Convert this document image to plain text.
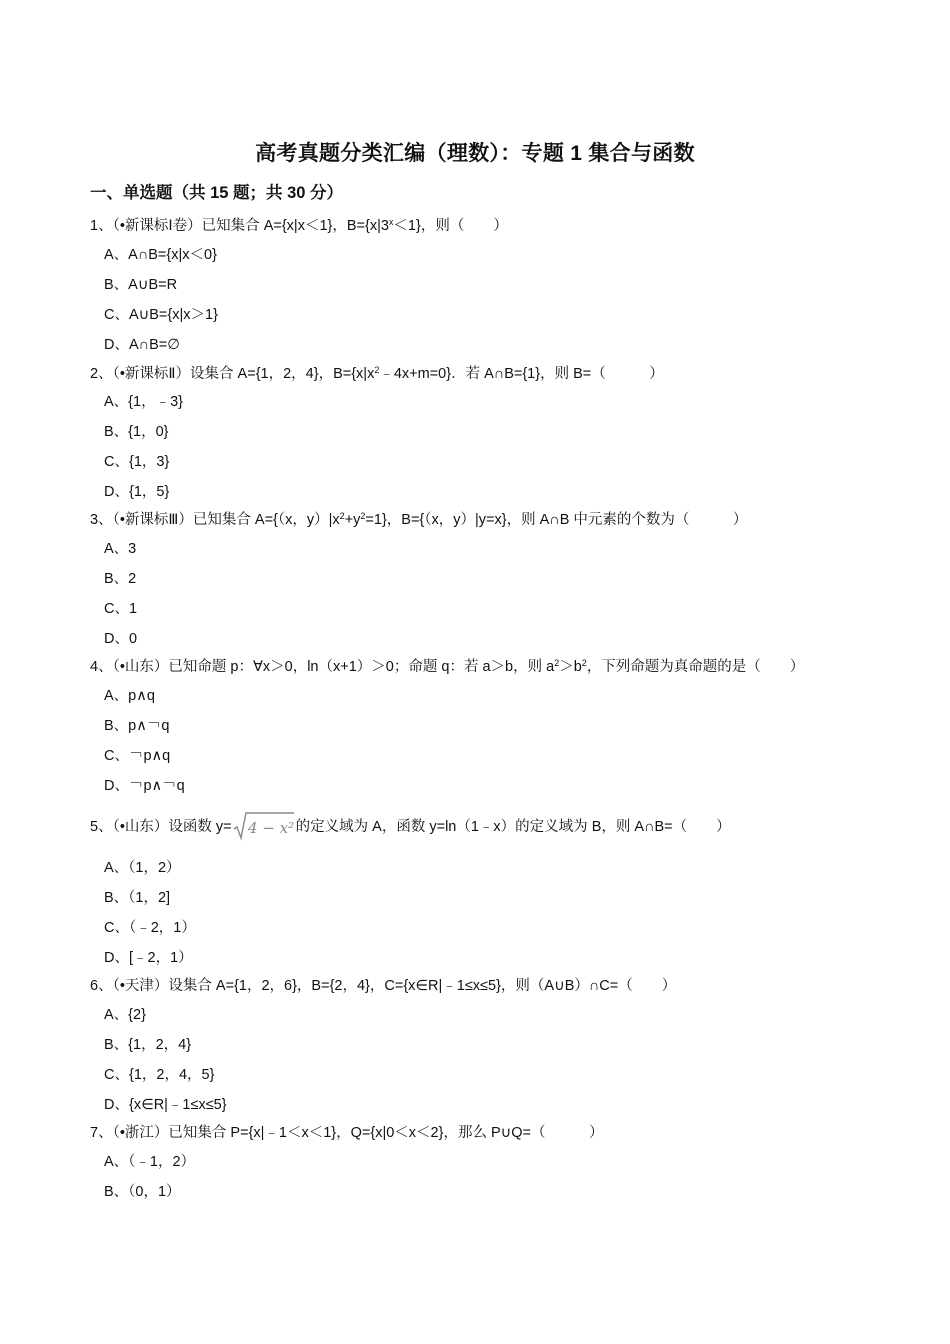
高考真题分类汇编（理数）：专题 1 集合与函数
一、单选题（共 15 题；共 30 分）
1、（•新课标Ⅰ卷）已知集合 A={x|x＜1}，$B=\{x|3^x<1\}$，则（　　）
A、A∩B={x|x＜0}
B、A∪B=R
C、A∪B={x|x＞1}
D、A∩B=∅
2、（•新课标Ⅱ）设集合 A={1，2，4}，$B=\{x|x^2﹣4x+m=0\}$．若 A∩B={1}，则 B=（　　　）
A、{1，﹣3}
B、{1，0}
C、{1，3}
D、{1，5}
3、（•新课标Ⅲ）已知集合 A={（x，$y)|x^2+y^2=1$}，B={（x，y）|y=x}，则 A∩B 中元素的个数为（　　　）
A、3
B、2
C、1
D、0
4、（•山东）已知命题 p：∀x＞0，ln（x+1）＞0；命题 q：若 a＞b，则 $a^2>b^2$，下列命题为真命题的是（　　）
A、p∧q
B、p∧￢q
C、￢p∧q
D、￢p∧￢q
5、（•山东）设函数 y= 4 − x² 的定义域为 A，函数 y=ln（1﹣x）的定义域为 B，则 A∩B=（　　）
A、（1，2）
B、（1，2]
C、（﹣2，1）
D、[﹣2，1）
6、（•天津）设集合 A={1，2，6}，B={2，4}，C={x∈R|﹣1≤x≤5}，则（A∪B）∩C=（　　）
A、{2}
B、{1，2，4}
C、{1，2，4，5}
D、{x∈R|﹣1≤x≤5}
7、（•浙江）已知集合 P={x|﹣1＜x＜1}，Q={x|0＜x＜2}，那么 P∪Q=（　　　）
A、（﹣1，2）
B、（0，1）
